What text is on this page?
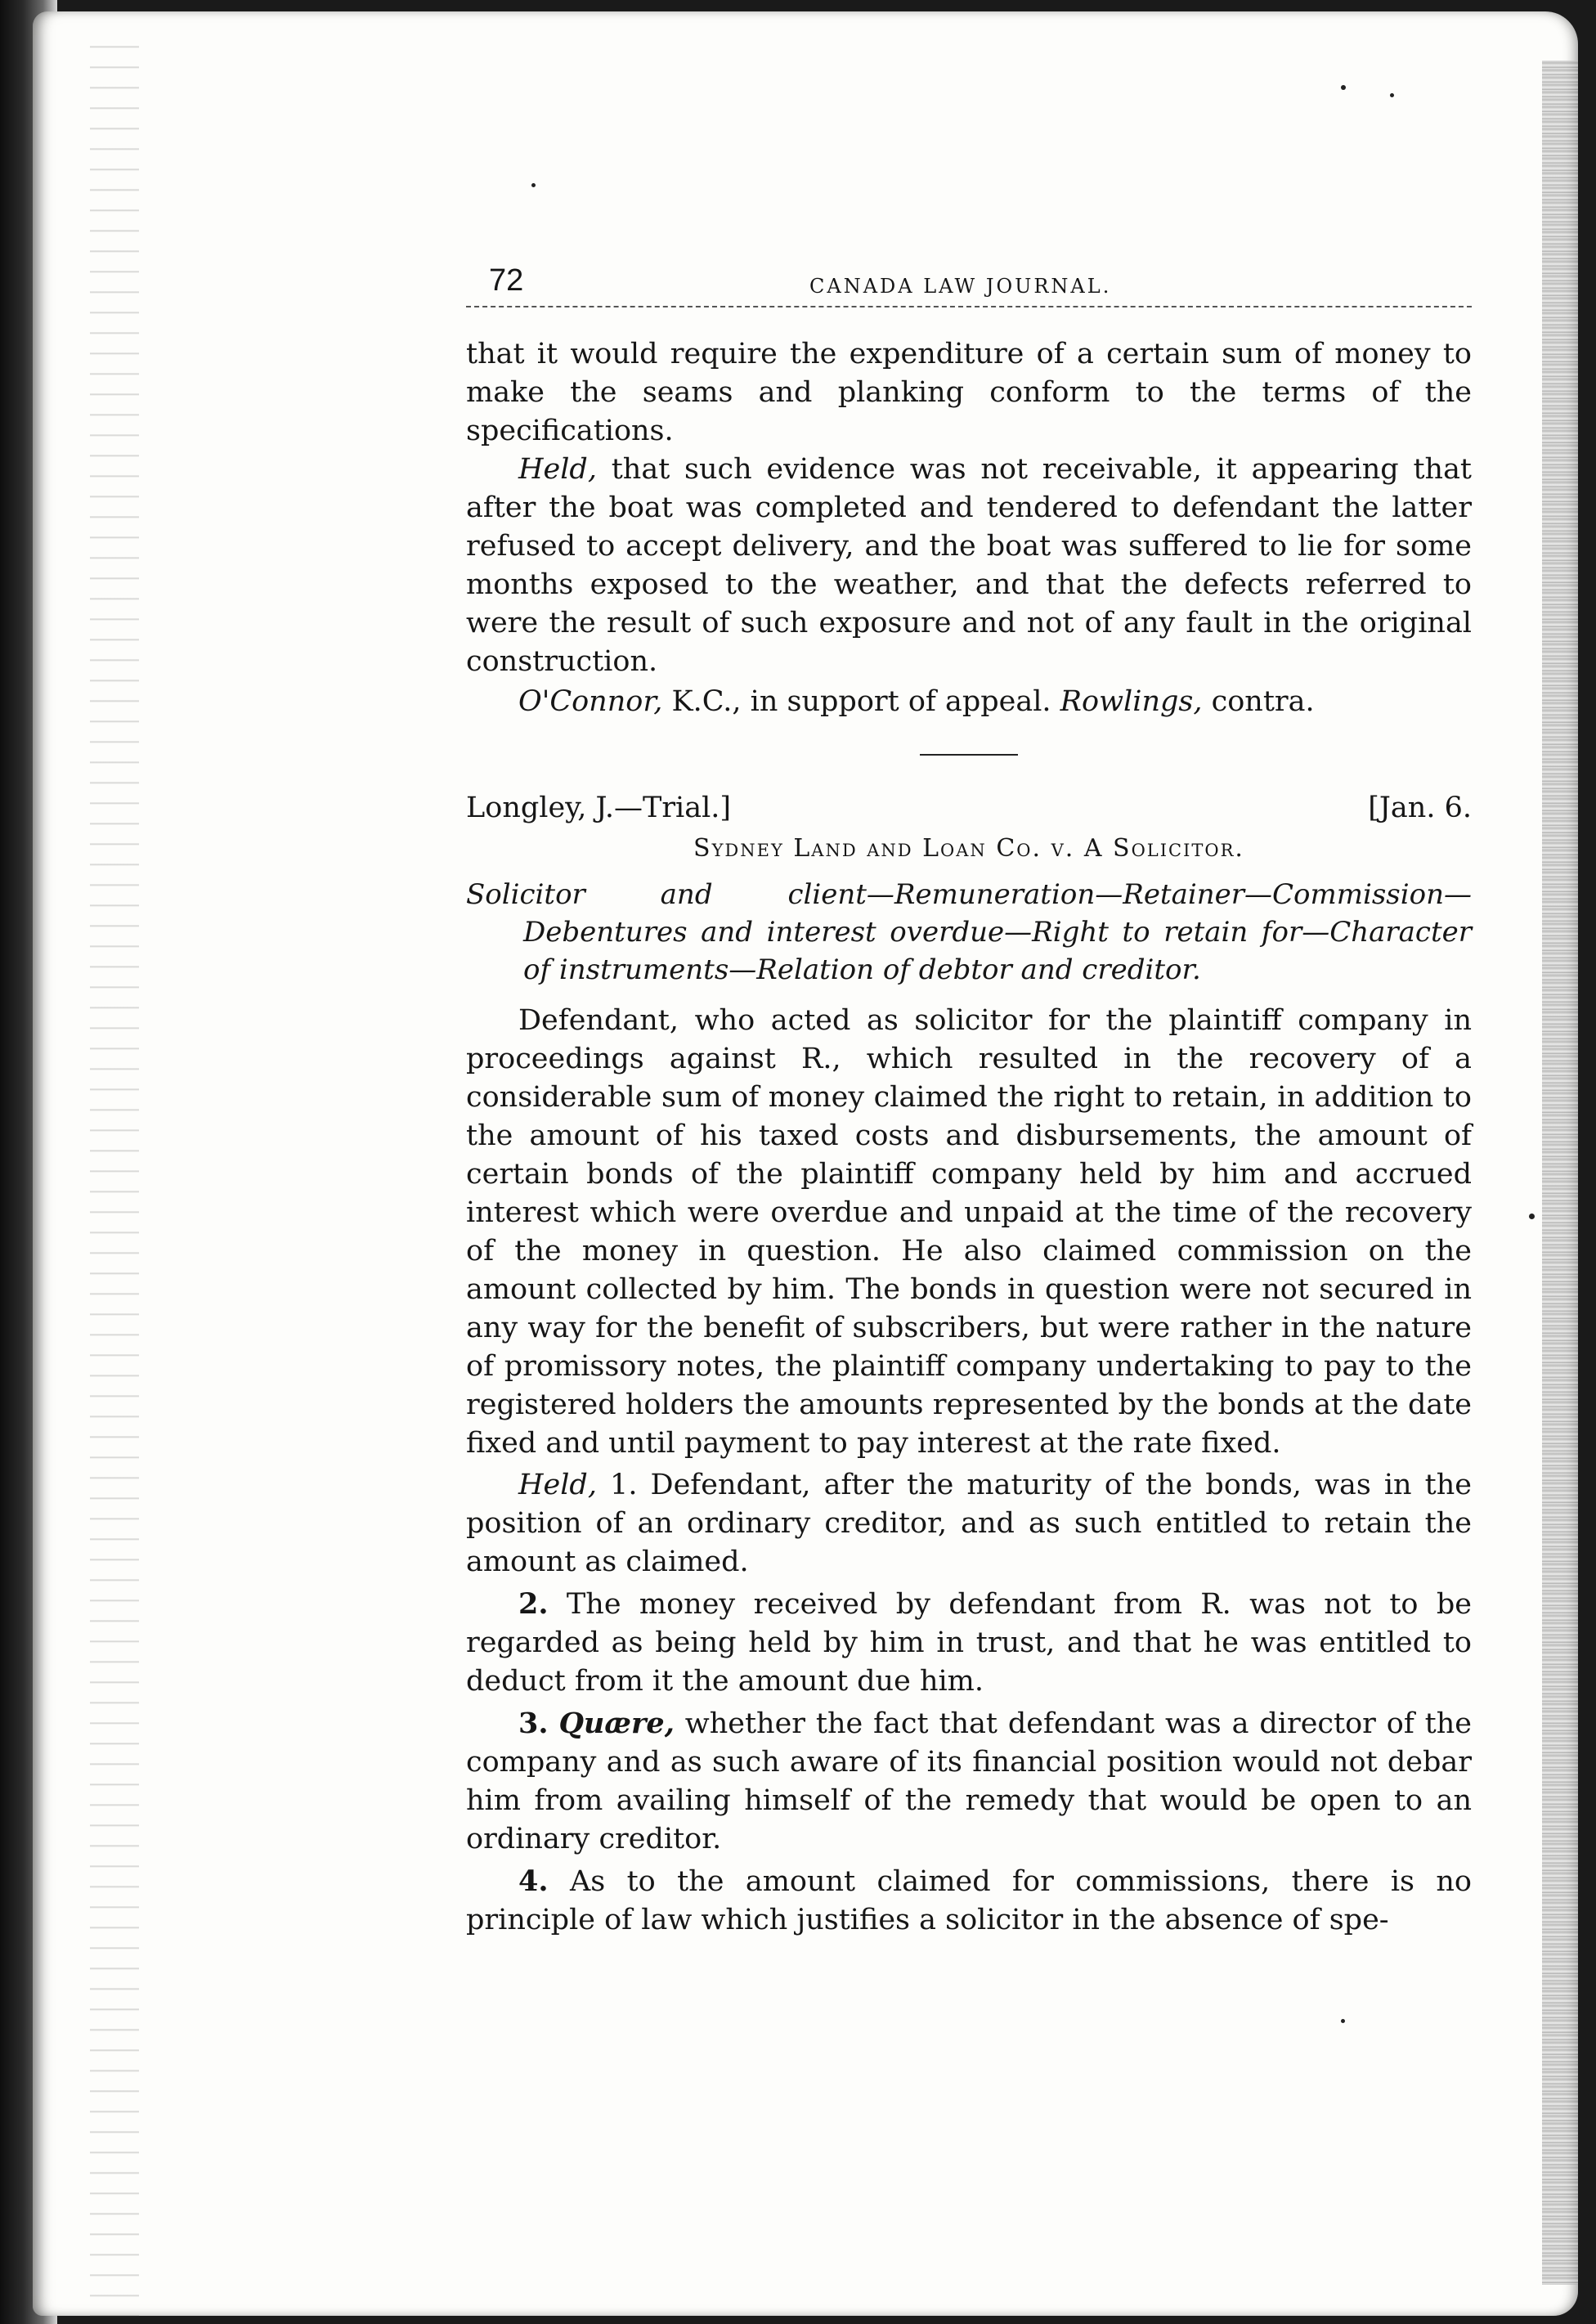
72	CANADA LAW JOURNAL.

that it would require the expenditure of a certain sum of money to make the seams and planking conform to the terms of the specifications.

Held, that such evidence was not receivable, it appearing that after the boat was completed and tendered to defendant the latter refused to accept delivery, and the boat was suffered to lie for some months exposed to the weather, and that the defects referred to were the result of such exposure and not of any fault in the original construction.

O'Connor, K.C., in support of appeal. Rowlings, contra.

Longley, J.—Trial.]	[Jan. 6.
Sydney Land and Loan Co. v. A Solicitor.

Solicitor and client—Remuneration—Retainer—Commission—Debentures and interest overdue—Right to retain for—Character of instruments—Relation of debtor and creditor.

Defendant, who acted as solicitor for the plaintiff company in proceedings against R., which resulted in the recovery of a considerable sum of money claimed the right to retain, in addition to the amount of his taxed costs and disbursements, the amount of certain bonds of the plaintiff company held by him and accrued interest which were overdue and unpaid at the time of the recovery of the money in question. He also claimed commission on the amount collected by him. The bonds in question were not secured in any way for the benefit of subscribers, but were rather in the nature of promissory notes, the plaintiff company undertaking to pay to the registered holders the amounts represented by the bonds at the date fixed and until payment to pay interest at the rate fixed.

Held, 1. Defendant, after the maturity of the bonds, was in the position of an ordinary creditor, and as such entitled to retain the amount as claimed.

2. The money received by defendant from R. was not to be regarded as being held by him in trust, and that he was entitled to deduct from it the amount due him.

3. Quære, whether the fact that defendant was a director of the company and as such aware of its financial position would not debar him from availing himself of the remedy that would be open to an ordinary creditor.

4. As to the amount claimed for commissions, there is no principle of law which justifies a solicitor in the absence of spe-
